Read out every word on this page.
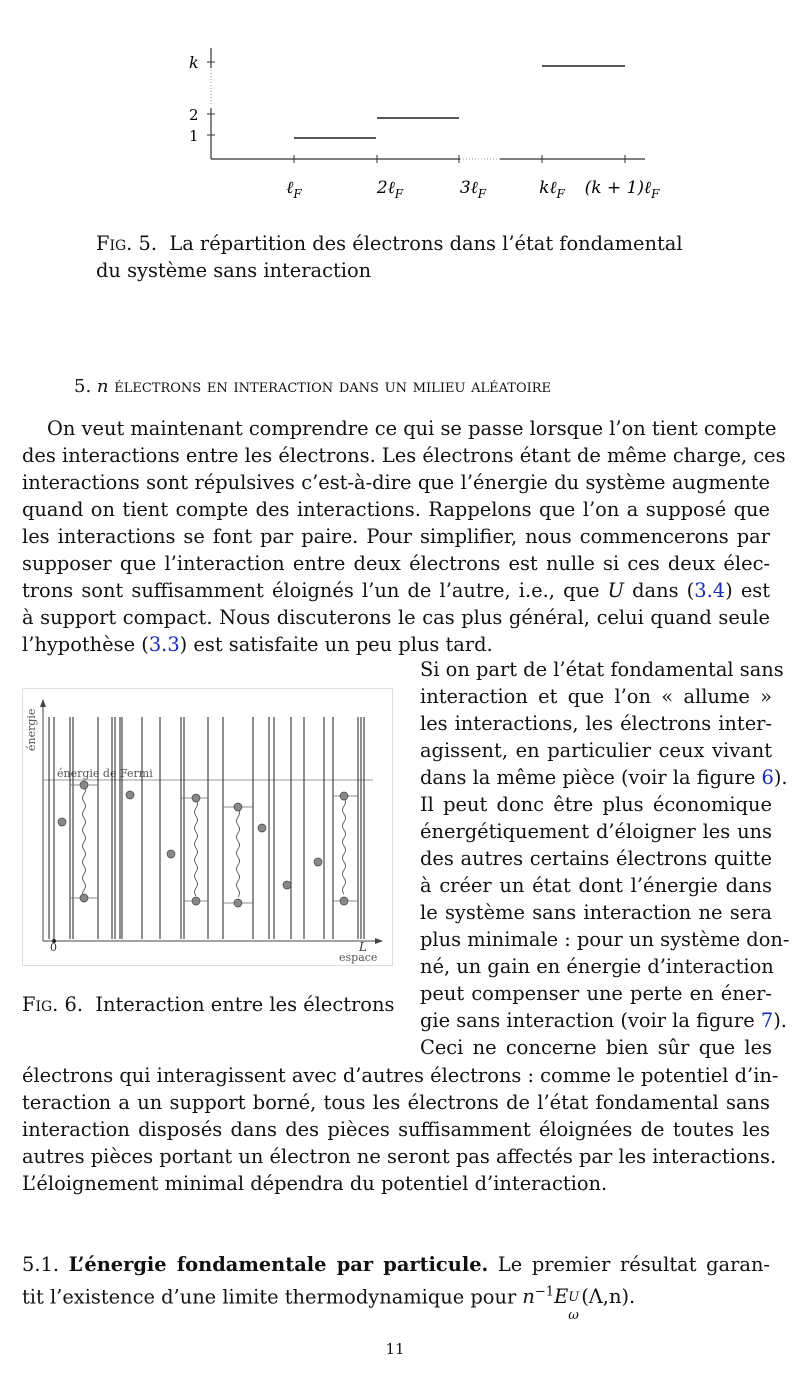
k
2
1
ℓ$_F$	2ℓ$_F$	3ℓ$_F$	kℓ$_F$ (k + 1)ℓ$_F$
Fig. 5. La répartition des électrons dans l’état fondamental
du système sans interaction
5. n électrons en interaction dans un milieu aléatoire
On veut maintenant comprendre ce qui se passe lorsque l’on tient compte
des interactions entre les électrons. Les électrons étant de même charge, ces
interactions sont répulsives c’est-à-dire que l’énergie du système augmente
quand on tient compte des interactions. Rappelons que l’on a supposé que
les interactions se font par paire. Pour simplifier, nous commencerons par
supposer que l’interaction entre deux électrons est nulle si ces deux élec-
trons sont suffisamment éloignés l’un de l’autre, i.e., que U dans (3.4) est
à support compact. Nous discuterons le cas plus général, celui quand seule
l’hypothèse (3.3) est satisfaite un peu plus tard.
énergie
énergie de Fermi
0	L
espace
Fig. 6. Interaction entre les électrons
Si on part de l’état fondamental sans
interaction et que l’on « allume »
les interactions, les électrons inter-
agissent, en particulier ceux vivant
dans la même pièce (voir la figure 6).
Il peut donc être plus économique
énergétiquement d’éloigner les uns
des autres certains électrons quitte
à créer un état dont l’énergie dans
le système sans interaction ne sera
plus minimale : pour un système don-
né, un gain en énergie d’interaction
peut compenser une perte en éner-
gie sans interaction (voir la figure 7).
Ceci ne concerne bien sûr que les
électrons qui interagissent avec d’autres électrons : comme le potentiel d’in-
teraction a un support borné, tous les électrons de l’état fondamental sans
interaction disposés dans des pièces suffisamment éloignées de toutes les
autres pièces portant un électron ne seront pas affectés par les interactions.
L’éloignement minimal dépendra du potentiel d’interaction.
5.1. L’énergie fondamentale par particule. Le premier résultat garan-
tit l’existence d’une limite thermodynamique pour $n^{-1}E$ U
ω
(Λ,n).
11
